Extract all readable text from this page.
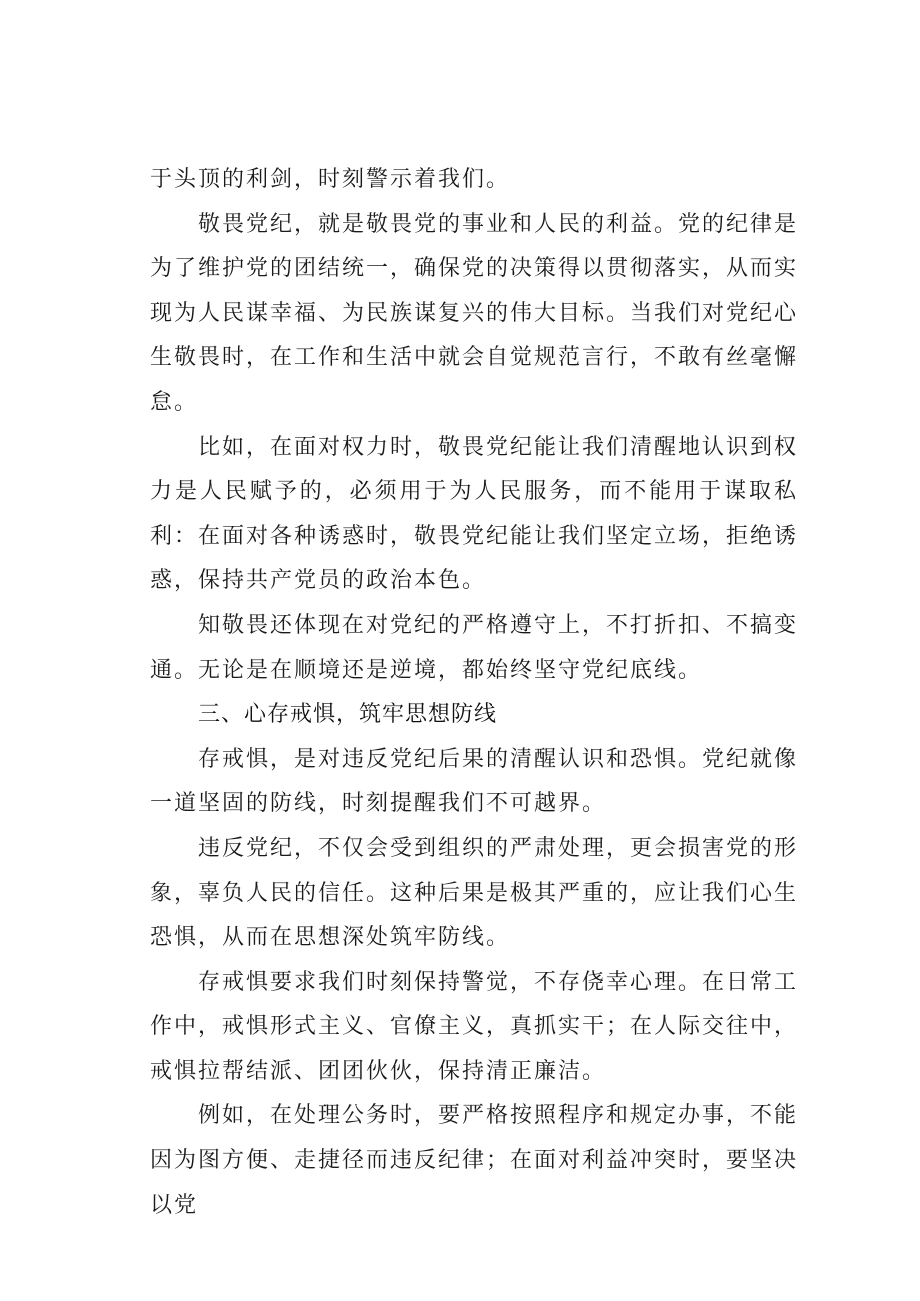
于头顶的利剑，时刻警示着我们。

敬畏党纪，就是敬畏党的事业和人民的利益。党的纪律是为了维护党的团结统一，确保党的决策得以贯彻落实，从而实现为人民谋幸福、为民族谋复兴的伟大目标。当我们对党纪心生敬畏时，在工作和生活中就会自觉规范言行，不敢有丝毫懈怠。

比如，在面对权力时，敬畏党纪能让我们清醒地认识到权力是人民赋予的，必须用于为人民服务，而不能用于谋取私利：在面对各种诱惑时，敬畏党纪能让我们坚定立场，拒绝诱惑，保持共产党员的政治本色。

知敬畏还体现在对党纪的严格遵守上，不打折扣、不搞变通。无论是在顺境还是逆境，都始终坚守党纪底线。

三、心存戒惧，筑牢思想防线

存戒惧，是对违反党纪后果的清醒认识和恐惧。党纪就像一道坚固的防线，时刻提醒我们不可越界。

违反党纪，不仅会受到组织的严肃处理，更会损害党的形象，辜负人民的信任。这种后果是极其严重的，应让我们心生恐惧，从而在思想深处筑牢防线。

存戒惧要求我们时刻保持警觉，不存侥幸心理。在日常工作中，戒惧形式主义、官僚主义，真抓实干；在人际交往中，戒惧拉帮结派、团团伙伙，保持清正廉洁。

例如，在处理公务时，要严格按照程序和规定办事，不能因为图方便、走捷径而违反纪律；在面对利益冲突时，要坚决以党
